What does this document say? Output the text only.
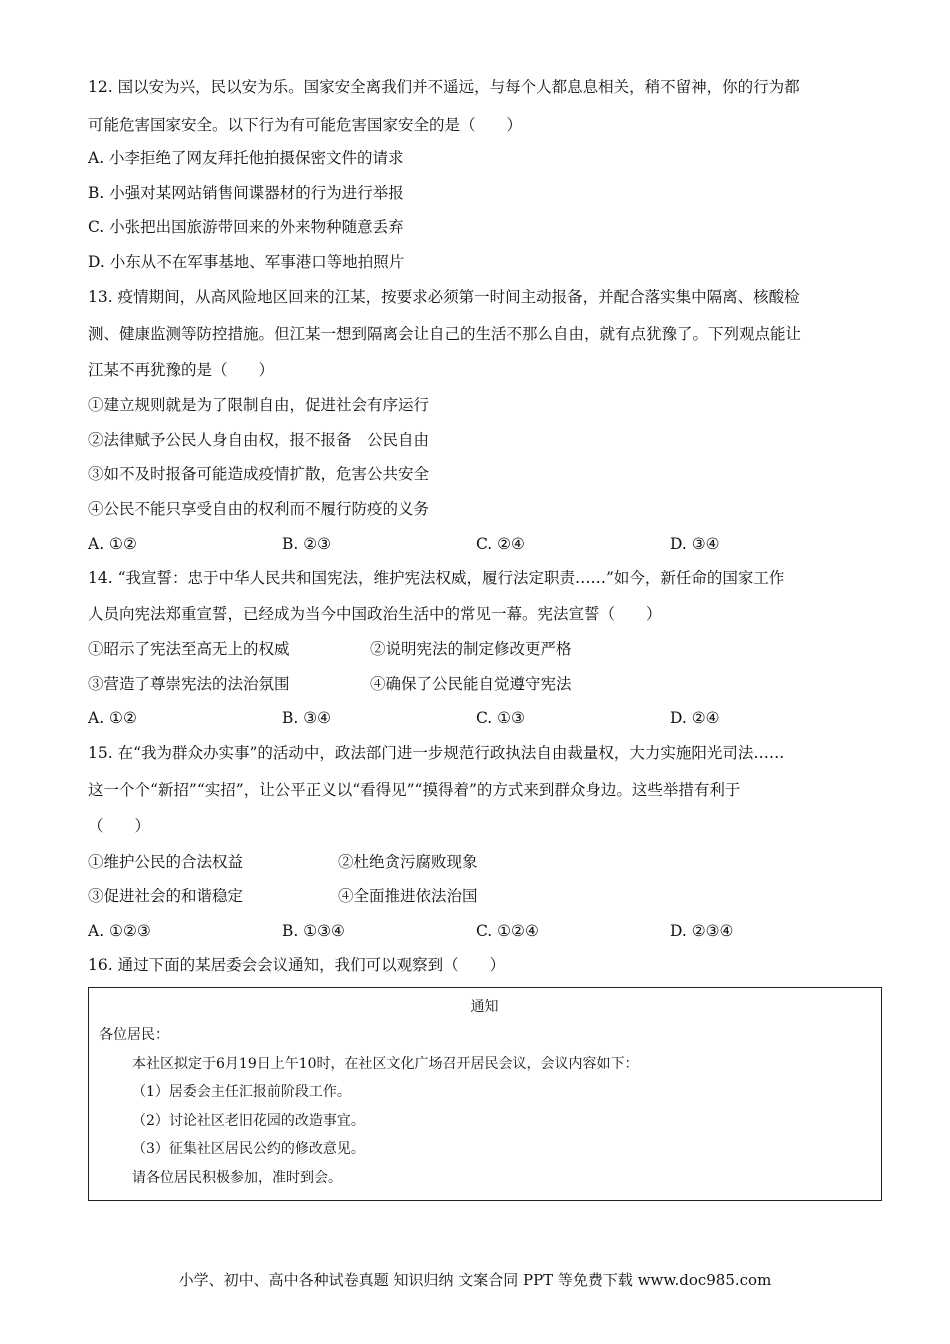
12. 国以安为兴，民以安为乐。国家安全离我们并不遥远，与每个人都息息相关，稍不留神，你的行为都
可能危害国家安全。以下行为有可能危害国家安全的是（　　）
A. 小李拒绝了网友拜托他拍摄保密文件的请求
B. 小强对某网站销售间谍器材的行为进行举报
C. 小张把出国旅游带回来的外来物种随意丢弃
D. 小东从不在军事基地、军事港口等地拍照片
13. 疫情期间，从高风险地区回来的江某，按要求必须第一时间主动报备，并配合落实集中隔离、核酸检
测、健康监测等防控措施。但江某一想到隔离会让自己的生活不那么自由，就有点犹豫了。下列观点能让
江某不再犹豫的是（　　）
①建立规则就是为了限制自由，促进社会有序运行
②法律赋予公民人身自由权，报不报备　公民自由
③如不及时报备可能造成疫情扩散，危害公共安全
④公民不能只享受自由的权利而不履行防疫的义务
A. ①②	B. ②③	C. ②④	D. ③④
14. “我宣誓：忠于中华人民共和国宪法，维护宪法权威，履行法定职责……”如今，新任命的国家工作
人员向宪法郑重宣誓，已经成为当今中国政治生活中的常见一幕。宪法宣誓（　　）
①昭示了宪法至高无上的权威	②说明宪法的制定修改更严格
③营造了尊崇宪法的法治氛围	④确保了公民能自觉遵守宪法
A. ①②	B. ③④	C. ①③	D. ②④
15. 在“我为群众办实事”的活动中，政法部门进一步规范行政执法自由裁量权，大力实施阳光司法……
这一个个“新招”“实招”，让公平正义以“看得见”“摸得着”的方式来到群众身边。这些举措有利于
（　　）
①维护公民的合法权益	②杜绝贪污腐败现象
③促进社会的和谐稳定	④全面推进依法治国
A. ①②③	B. ①③④	C. ①②④	D. ②③④
16. 通过下面的某居委会会议通知，我们可以观察到（　　）
通知
各位居民：
本社区拟定于6月19日上午10时，在社区文化广场召开居民会议，会议内容如下：
（1）居委会主任汇报前阶段工作。
（2）讨论社区老旧花园的改造事宜。
（3）征集社区居民公约的修改意见。
请各位居民积极参加，准时到会。
小学、初中、高中各种试卷真题 知识归纳 文案合同 PPT 等免费下载 www.doc985.com
